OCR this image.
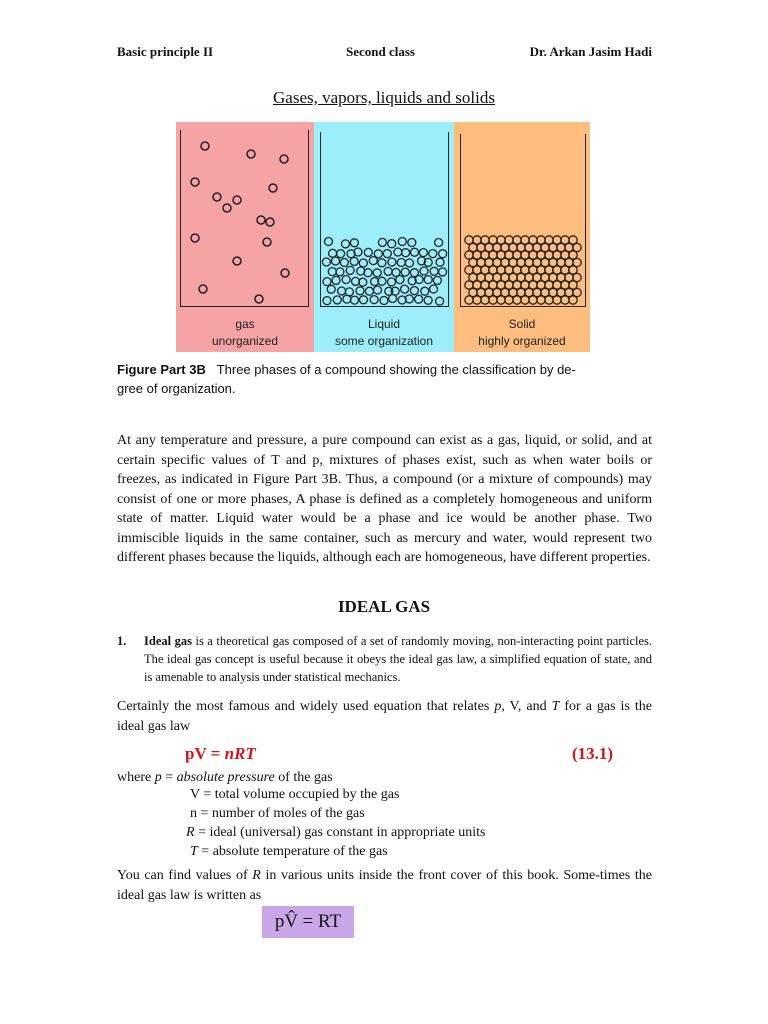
Basic principle II	Second class	Dr. Arkan Jasim Hadi
Gases, vapors, liquids and solids
gas
unorganized
Liquid
some organization
Solid
highly organized
Figure Part 3B Three phases of a compound showing the classification by de-
gree of organization.
At any temperature and pressure, a pure compound can exist as a gas, liquid, or solid, and at certain specific values of T and p, mixtures of phases exist, such as when water boils or freezes, as indicated in Figure Part 3B. Thus, a compound (or a mixture of compounds) may consist of one or more phases, A phase is defined as a completely homogeneous and uniform state of matter. Liquid water would be a phase and ice would be another phase. Two immiscible liquids in the same container, such as mercury and water, would represent two different phases because the liquids, although each are homogeneous, have different properties.
IDEAL GAS
1. Ideal gas is a theoretical gas composed of a set of randomly moving, non-interacting point particles. The ideal gas concept is useful because it obeys the ideal gas law, a simplified equation of state, and is amenable to analysis under statistical mechanics.
Certainly the most famous and widely used equation that relates p, V, and T for a gas is the ideal gas law
pV = nRT	(13.1)
where p = absolute pressure of the gas
V = total volume occupied by the gas
n = number of moles of the gas
R = ideal (universal) gas constant in appropriate units
T = absolute temperature of the gas
You can find values of R in various units inside the front cover of this book. Some-times the ideal gas law is written as
pV̂ = RT
